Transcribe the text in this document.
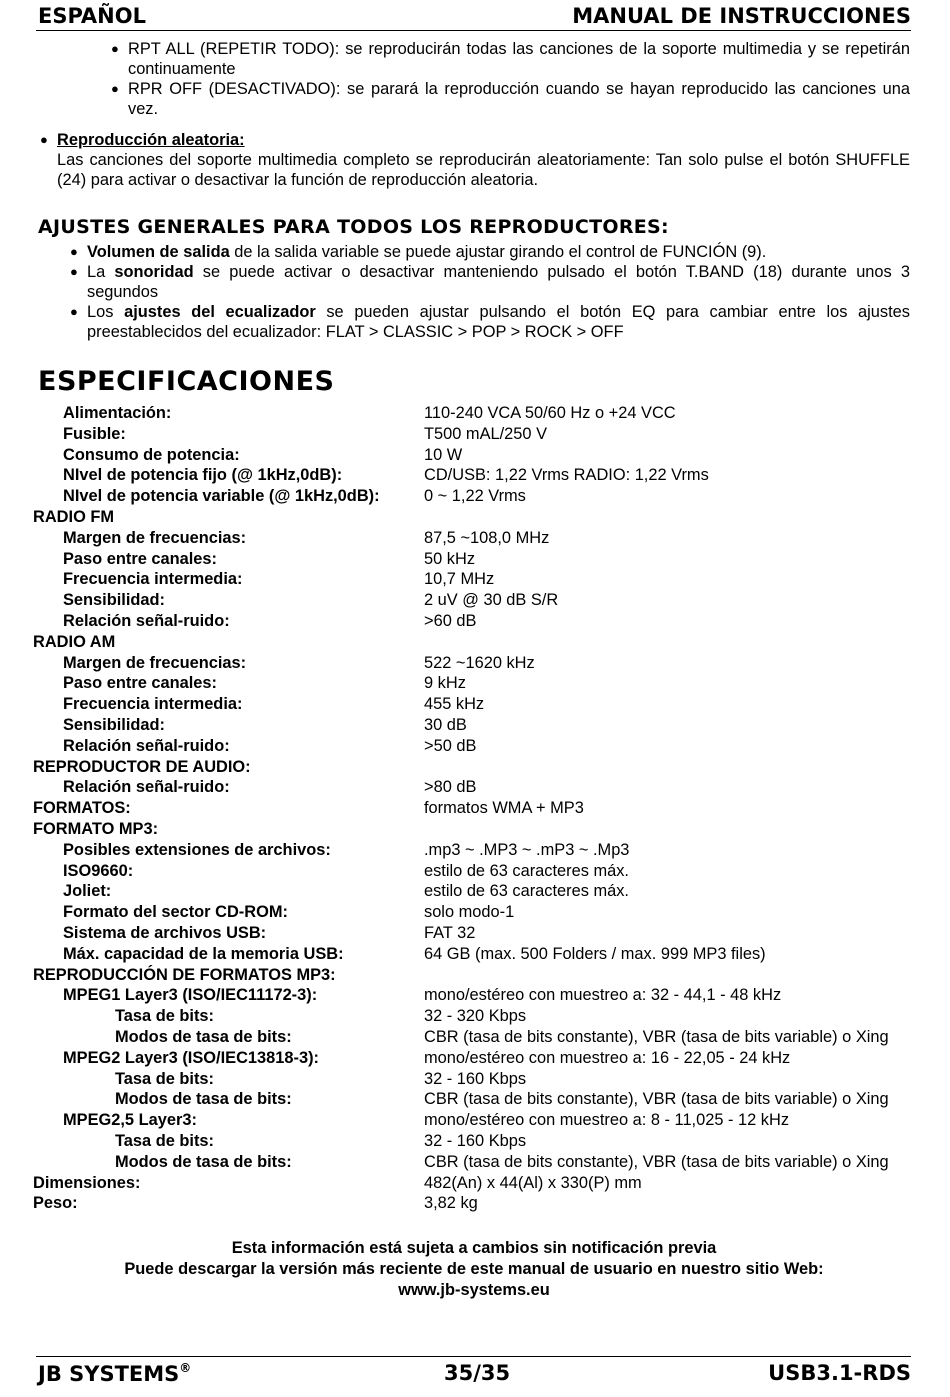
ESPAÑOL	MANUAL DE INSTRUCCIONES
● RPT ALL (REPETIR TODO): se reproducirán todas las canciones de la soporte multimedia y se repetirán continuamente
● RPR OFF (DESACTIVADO): se parará la reproducción cuando se hayan reproducido las canciones una vez.
● Reproducción aleatoria:
Las canciones del soporte multimedia completo se reproducirán aleatoriamente: Tan solo pulse el botón SHUFFLE (24) para activar o desactivar la función de reproducción aleatoria.
AJUSTES GENERALES PARA TODOS LOS REPRODUCTORES:
● Volumen de salida de la salida variable se puede ajustar girando el control de FUNCIÓN (9).
● La sonoridad se puede activar o desactivar manteniendo pulsado el botón T.BAND (18) durante unos 3 segundos
● Los ajustes del ecualizador se pueden ajustar pulsando el botón EQ para cambiar entre los ajustes preestablecidos del ecualizador: FLAT > CLASSIC > POP > ROCK > OFF
ESPECIFICACIONES
Alimentación:	110-240 VCA 50/60 Hz o +24 VCC
Fusible:	T500 mAL/250 V
Consumo de potencia:	10 W
NIvel de potencia fijo (@ 1kHz,0dB):	CD/USB: 1,22 Vrms RADIO: 1,22 Vrms
NIvel de potencia variable (@ 1kHz,0dB):	0 ~ 1,22 Vrms
RADIO FM
Margen de frecuencias:	87,5 ~108,0 MHz
Paso entre canales:	50 kHz
Frecuencia intermedia:	10,7 MHz
Sensibilidad:	2 uV @ 30 dB S/R
Relación señal-ruido:	>60 dB
RADIO AM
Margen de frecuencias:	522 ~1620 kHz
Paso entre canales:	9 kHz
Frecuencia intermedia:	455 kHz
Sensibilidad:	30 dB
Relación señal-ruido:	>50 dB
REPRODUCTOR DE AUDIO:
Relación señal-ruido:	>80 dB
FORMATOS:	formatos WMA + MP3
FORMATO MP3:
Posibles extensiones de archivos:	.mp3 ~ .MP3 ~ .mP3 ~ .Mp3
ISO9660:	estilo de 63 caracteres máx.
Joliet:	estilo de 63 caracteres máx.
Formato del sector CD-ROM:	solo modo-1
Sistema de archivos USB:	FAT 32
Máx. capacidad de la memoria USB:	64 GB (max. 500 Folders / max. 999 MP3 files)
REPRODUCCIÓN DE FORMATOS MP3:
MPEG1 Layer3 (ISO/IEC11172-3):	mono/estéreo con muestreo a: 32 - 44,1 - 48 kHz
Tasa de bits:	32 - 320 Kbps
Modos de tasa de bits:	CBR (tasa de bits constante), VBR (tasa de bits variable) o Xing
MPEG2 Layer3 (ISO/IEC13818-3):	mono/estéreo con muestreo a: 16 - 22,05 - 24 kHz
Tasa de bits:	32 - 160 Kbps
Modos de tasa de bits:	CBR (tasa de bits constante), VBR (tasa de bits variable) o Xing
MPEG2,5 Layer3:	mono/estéreo con muestreo a: 8 - 11,025 - 12 kHz
Tasa de bits:	32 - 160 Kbps
Modos de tasa de bits:	CBR (tasa de bits constante), VBR (tasa de bits variable) o Xing
Dimensiones:	482(An) x 44(Al) x 330(P) mm
Peso:	3,82 kg
Esta información está sujeta a cambios sin notificación previa
Puede descargar la versión más reciente de este manual de usuario en nuestro sitio Web:
www.jb-systems.eu
JB SYSTEMS®	35/35	USB3.1-RDS
